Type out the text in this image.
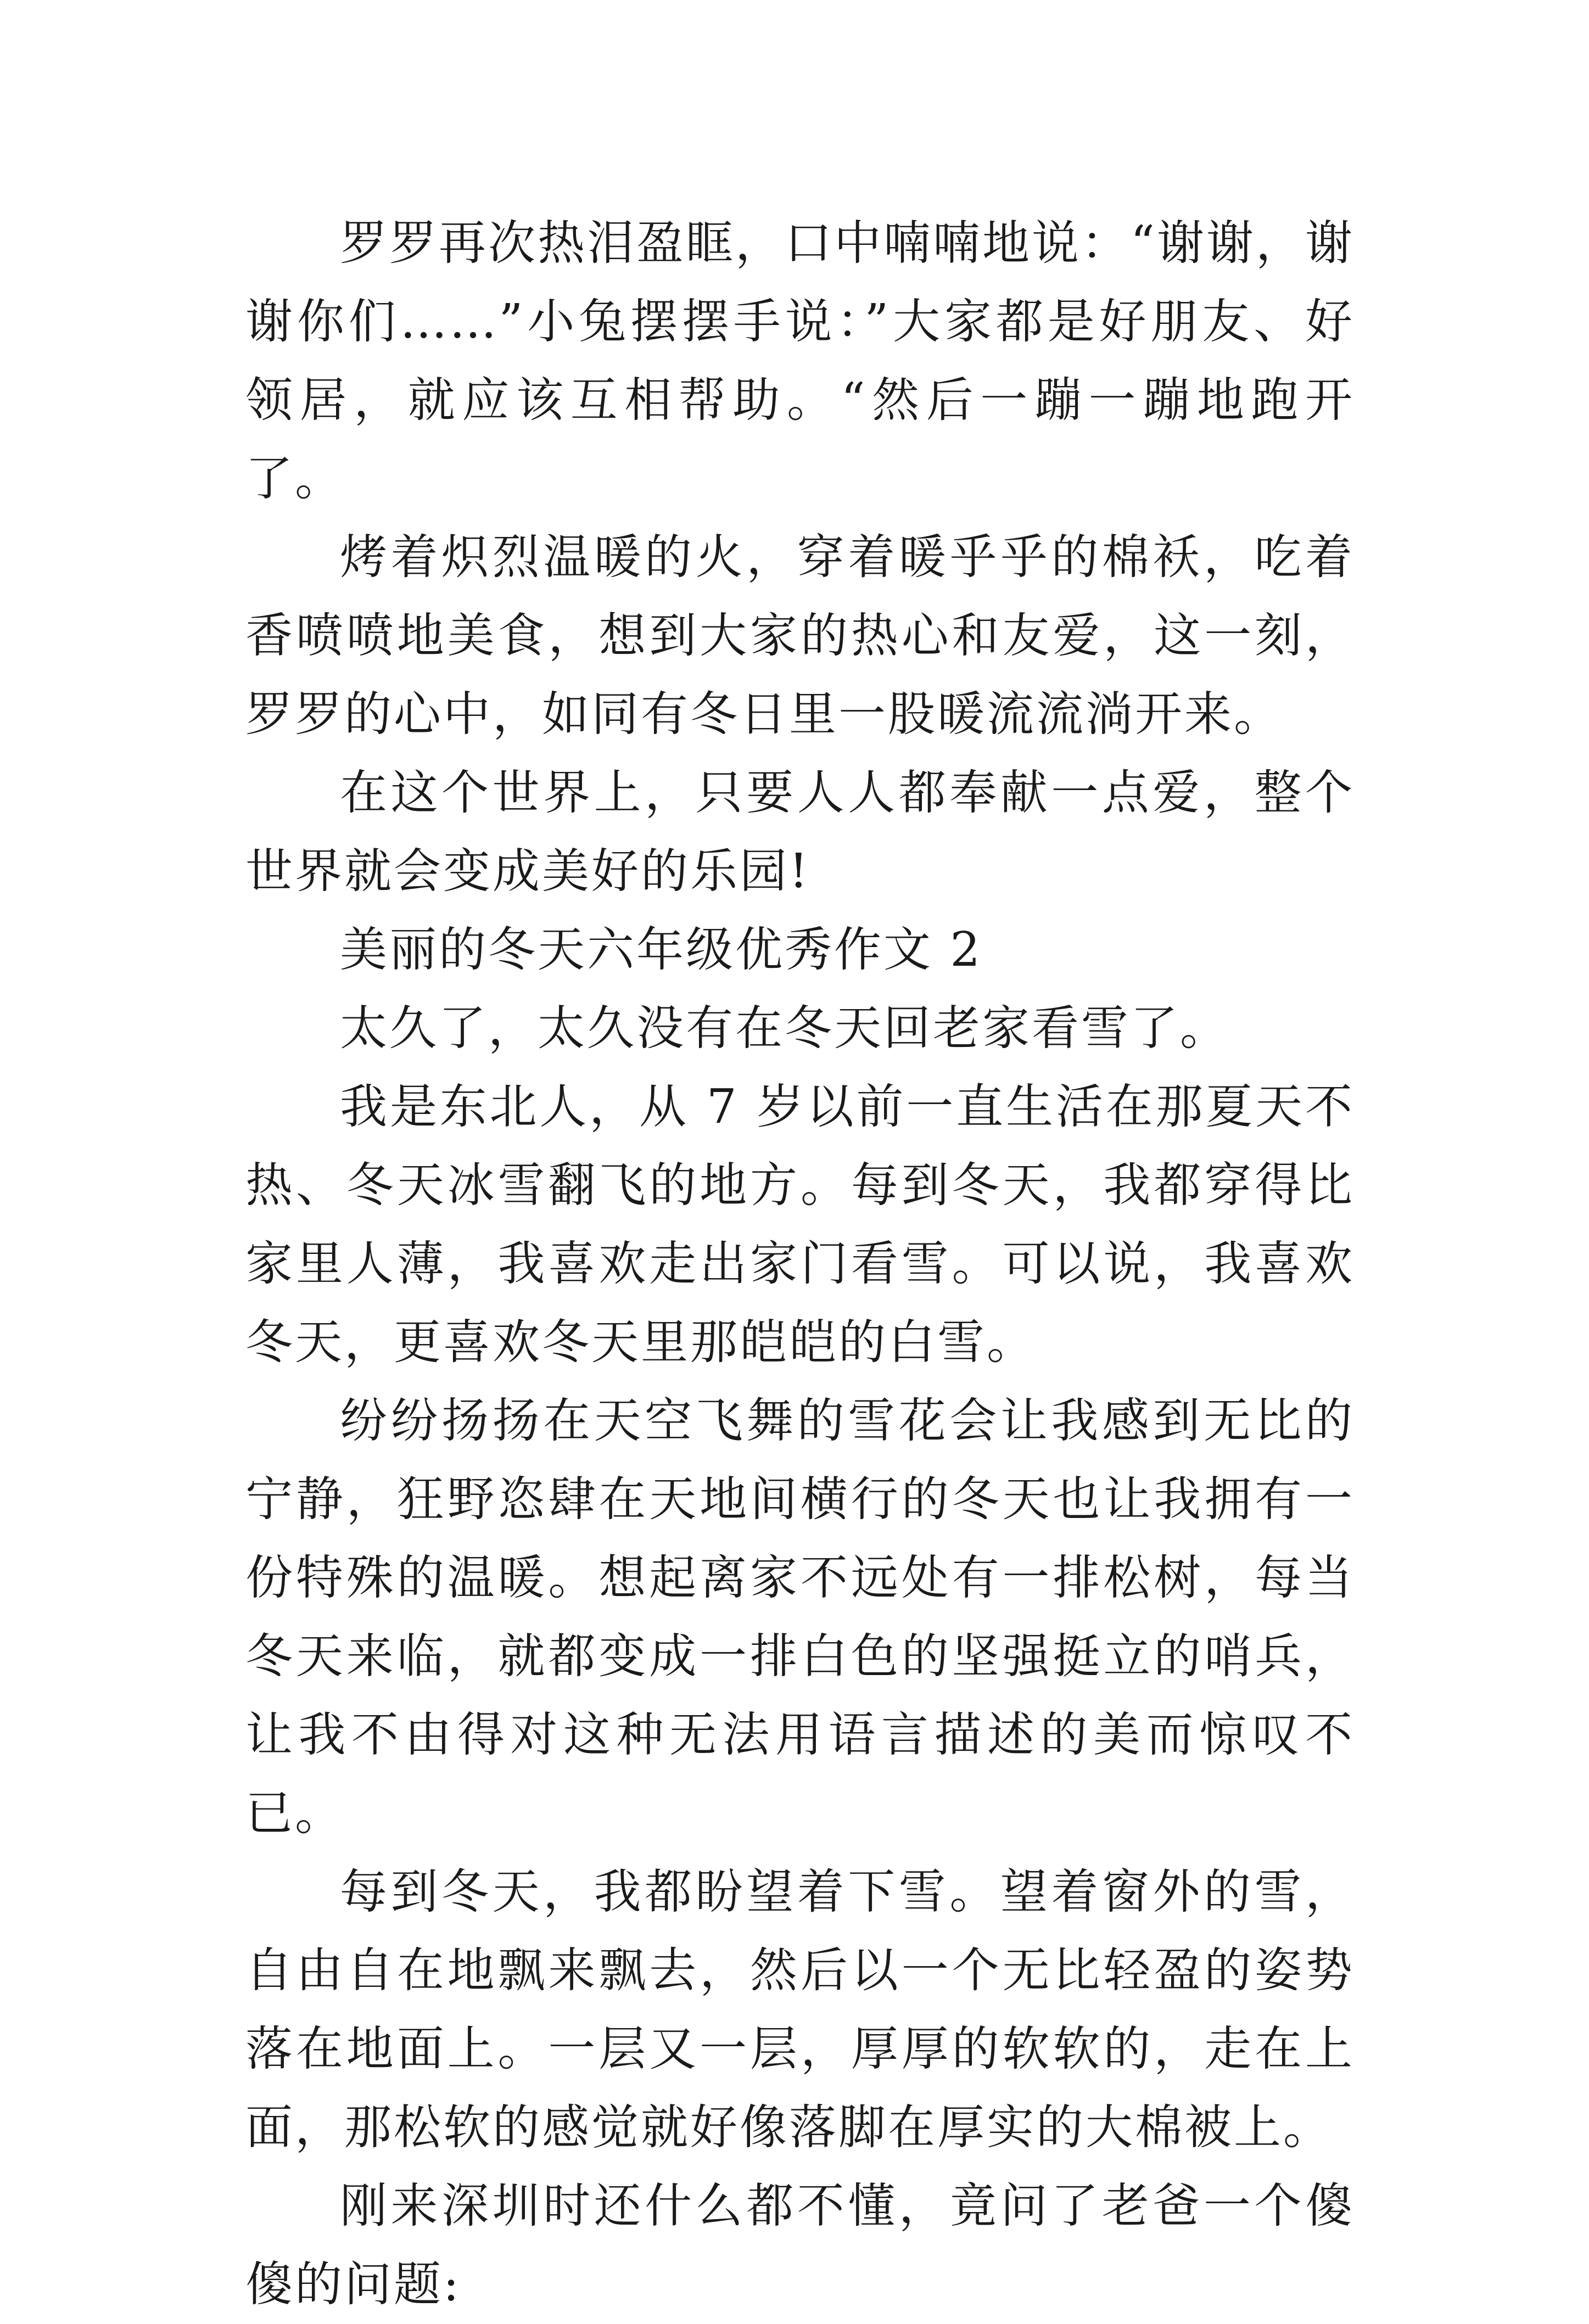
罗罗再次热泪盈眶，口中喃喃地说：“谢谢，谢谢你们……”小兔摆摆手说：”大家都是好朋友、好领居，就应该互相帮助。“然后一蹦一蹦地跑开了。

烤着炽烈温暖的火，穿着暖乎乎的棉袄，吃着香喷喷地美食，想到大家的热心和友爱，这一刻，罗罗的心中，如同有冬日里一股暖流流淌开来。

在这个世界上，只要人人都奉献一点爱，整个世界就会变成美好的乐园!

美丽的冬天六年级优秀作文 2

太久了，太久没有在冬天回老家看雪了。

我是东北人，从 7 岁以前一直生活在那夏天不热、冬天冰雪翻飞的地方。每到冬天，我都穿得比家里人薄，我喜欢走出家门看雪。可以说，我喜欢冬天，更喜欢冬天里那皑皑的白雪。

纷纷扬扬在天空飞舞的雪花会让我感到无比的宁静，狂野恣肆在天地间横行的冬天也让我拥有一份特殊的温暖。想起离家不远处有一排松树，每当冬天来临，就都变成一排白色的坚强挺立的哨兵，让我不由得对这种无法用语言描述的美而惊叹不已。

每到冬天，我都盼望着下雪。望着窗外的雪，自由自在地飘来飘去，然后以一个无比轻盈的姿势落在地面上。一层又一层，厚厚的软软的，走在上面，那松软的感觉就好像落脚在厚实的大棉被上。

刚来深圳时还什么都不懂，竟问了老爸一个傻傻的问题:
